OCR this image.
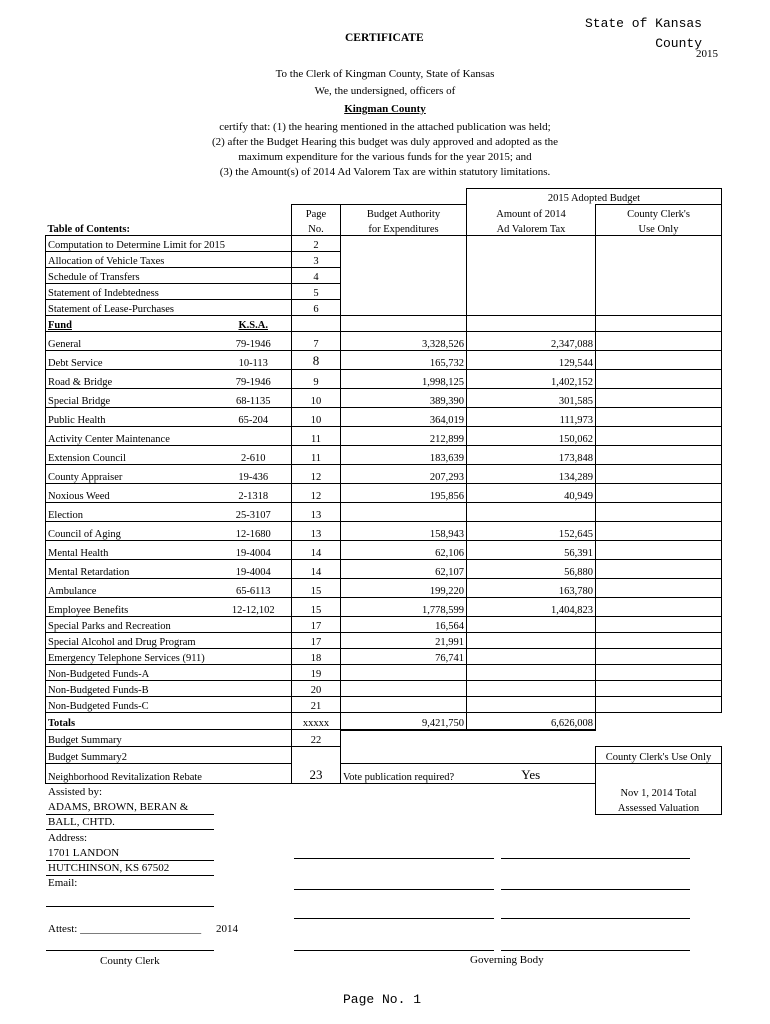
State of Kansas
County
2015
CERTIFICATE
To the Clerk of Kingman County, State of Kansas
We, the undersigned, officers of
Kingman County
certify that: (1) the hearing mentioned in the attached publication was held;
(2) after the Budget Hearing this budget was duly approved and adopted as the
maximum expenditure for the various funds for the year 2015; and
(3) the Amount(s) of 2014 Ad Valorem Tax are within statutory limitations.
				2015 Adopted Budget		
		Page	Budget Authority	Amount of 2014	County Clerk's	
Table of Contents:		No.	for Expenditures	Ad Valorem Tax	Use Only	
Computation to Determine Limit for 2015		2				
Allocation of Vehicle Taxes		3				
Schedule of Transfers		4				
Statement of Indebtedness		5				
Statement of Lease-Purchases		6				
Fund	K.S.A.					
General	79-1946	7	3,328,526	2,347,088		
Debt Service	10-113	8	165,732	129,544		
Road & Bridge	79-1946	9	1,998,125	1,402,152		
Special Bridge	68-1135	10	389,390	301,585		
Public Health	65-204	10	364,019	111,973		
Activity Center Maintenance		11	212,899	150,062		
Extension Council	2-610	11	183,639	173,848		
County Appraiser	19-436	12	207,293	134,289		
Noxious Weed	2-1318	12	195,856	40,949		
Election	25-3107	13				
Council of Aging	12-1680	13	158,943	152,645		
Mental Health	19-4004	14	62,106	56,391		
Mental Retardation	19-4004	14	62,107	56,880		
Ambulance	65-6113	15	199,220	163,780		
Employee Benefits	12-12,102	15	1,778,599	1,404,823		
Special Parks and Recreation		17	16,564			
Special Alcohol and Drug Program		17	21,991			
Emergency Telephone Services (911)		18	76,741			
Non-Budgeted Funds-A		19				
Non-Budgeted Funds-B		20				
Non-Budgeted Funds-C		21				
Totals		xxxxx	9,421,750	6,626,008		
Budget Summary		22				
Budget Summary2					County Clerk's Use Only	
Neighborhood Revitalization Rebate		23	Vote publication required?	Yes		
					Nov 1, 2014 Total	
					Assessed Valuation	
Assisted by:
ADAMS, BROWN, BERAN &
BALL, CHTD.
Address:
1701 LANDON
HUTCHINSON, KS 67502
Email:
Attest: ______________________ 2014
County Clerk	Governing Body
Page No. 1
